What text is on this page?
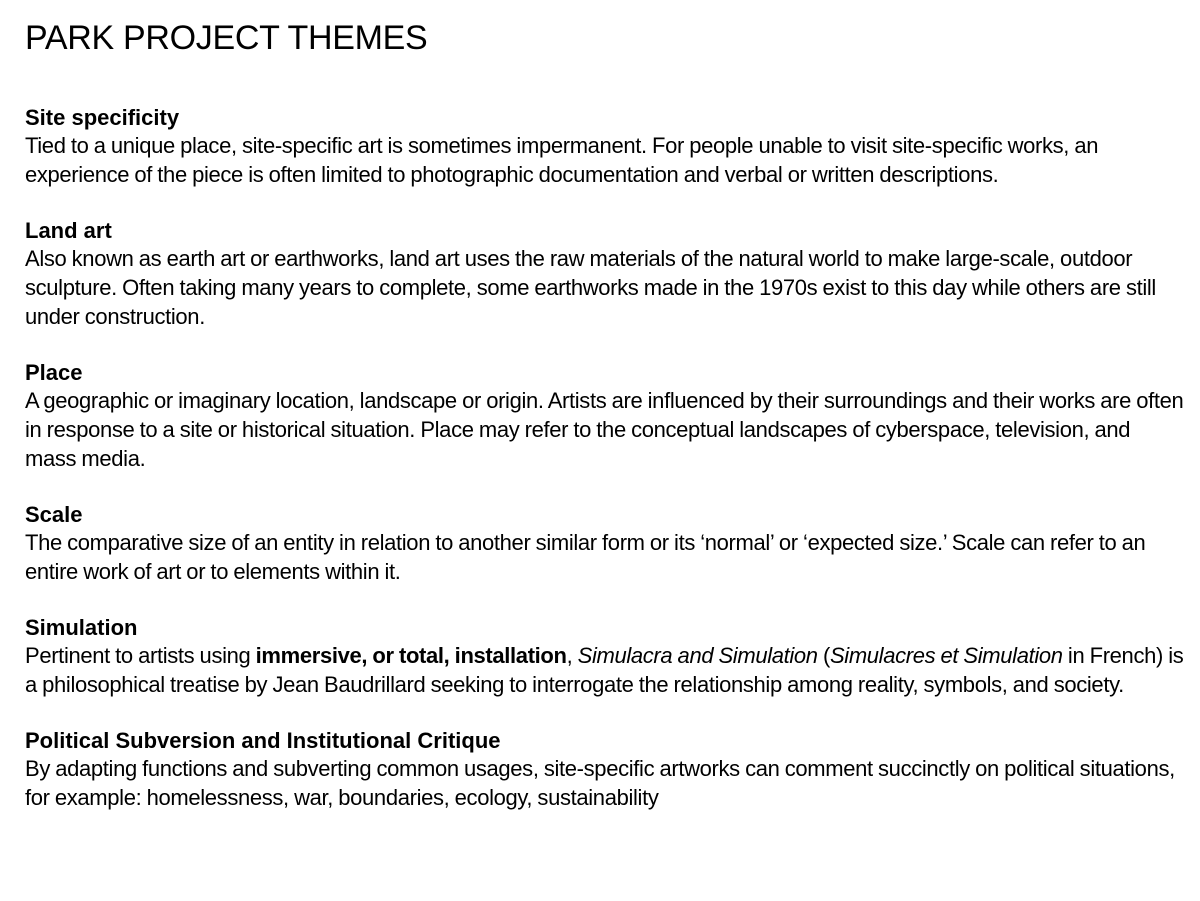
PARK PROJECT THEMES
Site specificity

Tied to a unique place, site-specific art is sometimes impermanent. For people unable to visit site-specific works, an experience of the piece is often limited to photographic documentation and verbal or written descriptions.

Land art

Also known as earth art or earthworks, land art uses the raw materials of the natural world to make large-scale, outdoor sculpture. Often taking many years to complete, some earthworks made in the 1970s exist to this day while others are still under construction.

Place

A geographic or imaginary location, landscape or origin. Artists are influenced by their surroundings and their works are often in response to a site or historical situation. Place may refer to the conceptual landscapes of cyberspace, television, and mass media.

Scale

The comparative size of an entity in relation to another similar form or its ‘normal’ or ‘expected size.’ Scale can refer to an entire work of art or to elements within it.

Simulation

Pertinent to artists using immersive, or total, installation, Simulacra and Simulation (Simulacres et Simulation in French) is a philosophical treatise by Jean Baudrillard seeking to interrogate the relationship among reality, symbols, and society.

Political Subversion and Institutional Critique

By adapting functions and subverting common usages, site-specific artworks can comment succinctly on political situations, for example: homelessness, war, boundaries, ecology, sustainability
